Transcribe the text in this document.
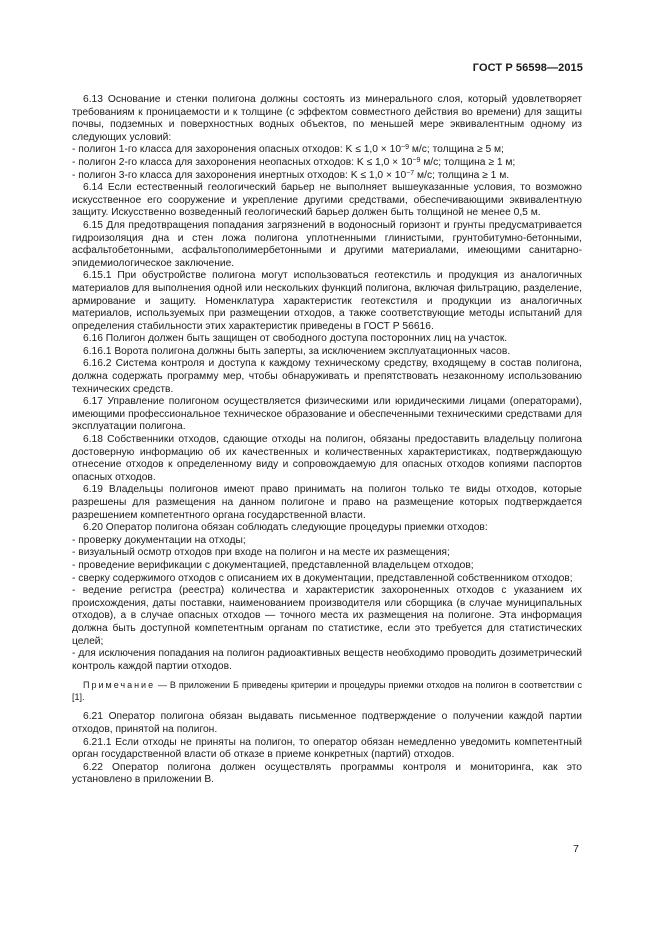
ГОСТ Р 56598—2015

6.13 Основание и стенки полигона должны состоять из минерального слоя, который удовлетворяет требованиям к проницаемости и к толщине (с эффектом совместного действия во времени) для защиты почвы, подземных и поверхностных водных объектов, по меньшей мере эквивалентным одному из следующих условий:

- полигон 1-го класса для захоронения опасных отходов: $K \le 1,0 \times 10^{-9}$ м/с; толщина ≥ 5 м;

- полигон 2-го класса для захоронения неопасных отходов: $K \le 1,0 \times 10^{-9}$ м/с; толщина ≥ 1 м;

- полигон 3-го класса для захоронения инертных отходов: $K \le 1,0 \times 10^{-7}$ м/с; толщина ≥ 1 м.

6.14 Если естественный геологический барьер не выполняет вышеуказанные условия, то возможно искусственное его сооружение и укрепление другими средствами, обеспечивающими эквивалентную защиту. Искусственно возведенный геологический барьер должен быть толщиной не менее 0,5 м.

6.15 Для предотвращения попадания загрязнений в водоносный горизонт и грунты предусматривается гидроизоляция дна и стен ложа полигона уплотненными глинистыми, грунтобитумно-бетонными, асфальтобетонными, асфальтополимербетонными и другими материалами, имеющими санитарно-эпидемиологическое заключение.

6.15.1 При обустройстве полигона могут использоваться геотекстиль и продукция из аналогичных материалов для выполнения одной или нескольких функций полигона, включая фильтрацию, разделение, армирование и защиту. Номенклатура характеристик геотекстиля и продукции из аналогичных материалов, используемых при размещении отходов, а также соответствующие методы испытаний для определения стабильности этих характеристик приведены в ГОСТ Р 56616.

6.16 Полигон должен быть защищен от свободного доступа посторонних лиц на участок.

6.16.1 Ворота полигона должны быть заперты, за исключением эксплуатационных часов.

6.16.2 Система контроля и доступа к каждому техническому средству, входящему в состав полигона, должна содержать программу мер, чтобы обнаруживать и препятствовать незаконному использованию технических средств.

6.17 Управление полигоном осуществляется физическими или юридическими лицами (операторами), имеющими профессиональное техническое образование и обеспеченными техническими средствами для эксплуатации полигона.

6.18 Собственники отходов, сдающие отходы на полигон, обязаны предоставить владельцу полигона достоверную информацию об их качественных и количественных характеристиках, подтверждающую отнесение отходов к определенному виду и сопровождаемую для опасных отходов копиями паспортов опасных отходов.

6.19 Владельцы полигонов имеют право принимать на полигон только те виды отходов, которые разрешены для размещения на данном полигоне и право на размещение которых подтверждается разрешением компетентного органа государственной власти.

6.20 Оператор полигона обязан соблюдать следующие процедуры приемки отходов:

- проверку документации на отходы;

- визуальный осмотр отходов при входе на полигон и на месте их размещения;

- проведение верификации с документацией, представленной владельцем отходов;

- сверку содержимого отходов с описанием их в документации, представленной собственником отходов;

- ведение регистра (реестра) количества и характеристик захороненных отходов с указанием их происхождения, даты поставки, наименованием производителя или сборщика (в случае муниципальных отходов), а в случае опасных отходов — точного места их размещения на полигоне. Эта информация должна быть доступной компетентным органам по статистике, если это требуется для статистических целей;

- для исключения попадания на полигон радиоактивных веществ необходимо проводить дозиметрический контроль каждой партии отходов.

Примечание — В приложении Б приведены критерии и процедуры приемки отходов на полигон в соответствии с [1].

6.21 Оператор полигона обязан выдавать письменное подтверждение о получении каждой партии отходов, принятой на полигон.

6.21.1 Если отходы не приняты на полигон, то оператор обязан немедленно уведомить компетентный орган государственной власти об отказе в приеме конкретных (партий) отходов.

6.22 Оператор полигона должен осуществлять программы контроля и мониторинга, как это установлено в приложении В.

7
